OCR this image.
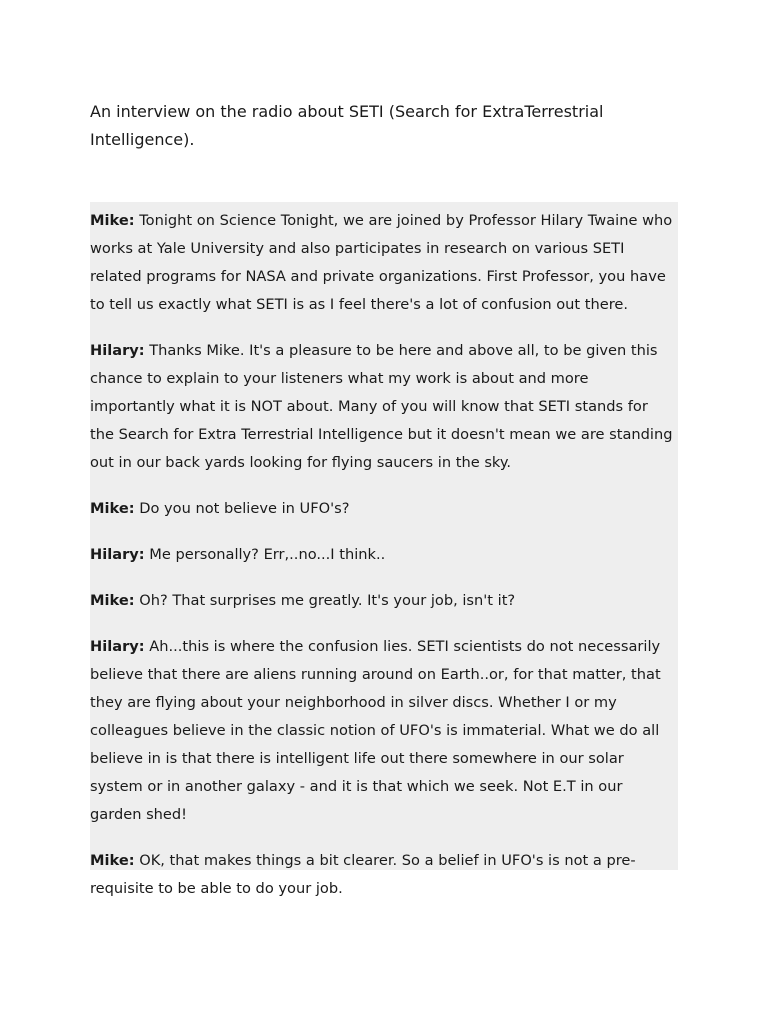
An interview on the radio about SETI (Search for ExtraTerrestrial Intelligence).

Mike: Tonight on Science Tonight, we are joined by Professor Hilary Twaine who works at Yale University and also participates in research on various SETI related programs for NASA and private organizations. First Professor, you have to tell us exactly what SETI is as I feel there's a lot of confusion out there.

Hilary: Thanks Mike. It's a pleasure to be here and above all, to be given this chance to explain to your listeners what my work is about and more importantly what it is NOT about. Many of you will know that SETI stands for the Search for Extra Terrestrial Intelligence but it doesn't mean we are standing out in our back yards looking for flying saucers in the sky.

Mike: Do you not believe in UFO's?

Hilary: Me personally? Err,..no...I think..

Mike: Oh? That surprises me greatly. It's your job, isn't it?

Hilary: Ah...this is where the confusion lies. SETI scientists do not necessarily believe that there are aliens running around on Earth..or, for that matter, that they are flying about your neighborhood in silver discs. Whether I or my colleagues believe in the classic notion of UFO's is immaterial. What we do all believe in is that there is intelligent life out there somewhere in our solar system or in another galaxy - and it is that which we seek. Not E.T in our garden shed!

Mike: OK, that makes things a bit clearer. So a belief in UFO's is not a pre-requisite to be able to do your job.
